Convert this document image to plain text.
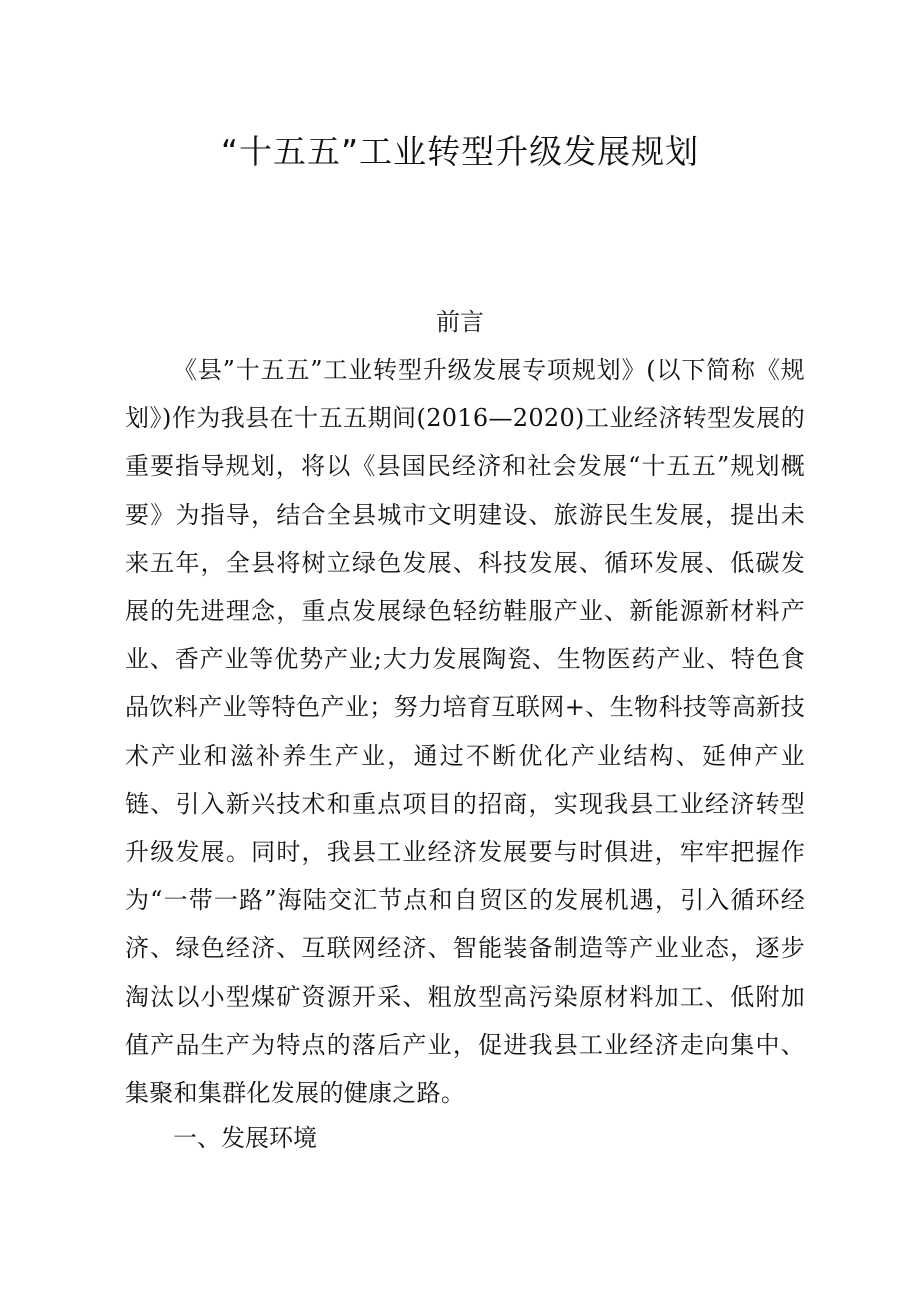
“十五五”工业转型升级发展规划
前言

《县”十五五”工业转型升级发展专项规划》(以下简称《规划》)作为我县在十五五期间(2016—2020)工业经济转型发展的重要指导规划，将以《县国民经济和社会发展“十五五”规划概要》为指导，结合全县城市文明建设、旅游民生发展，提出未来五年，全县将树立绿色发展、科技发展、循环发展、低碳发展的先进理念，重点发展绿色轻纺鞋服产业、新能源新材料产业、香产业等优势产业;大力发展陶瓷、生物医药产业、特色食品饮料产业等特色产业；努力培育互联网+、生物科技等高新技术产业和滋补养生产业，通过不断优化产业结构、延伸产业链、引入新兴技术和重点项目的招商，实现我县工业经济转型升级发展。同时，我县工业经济发展要与时俱进，牢牢把握作为“一带一路”海陆交汇节点和自贸区的发展机遇，引入循环经济、绿色经济、互联网经济、智能装备制造等产业业态，逐步淘汰以小型煤矿资源开采、粗放型高污染原材料加工、低附加值产品生产为特点的落后产业，促进我县工业经济走向集中、集聚和集群化发展的健康之路。

一、发展环境
